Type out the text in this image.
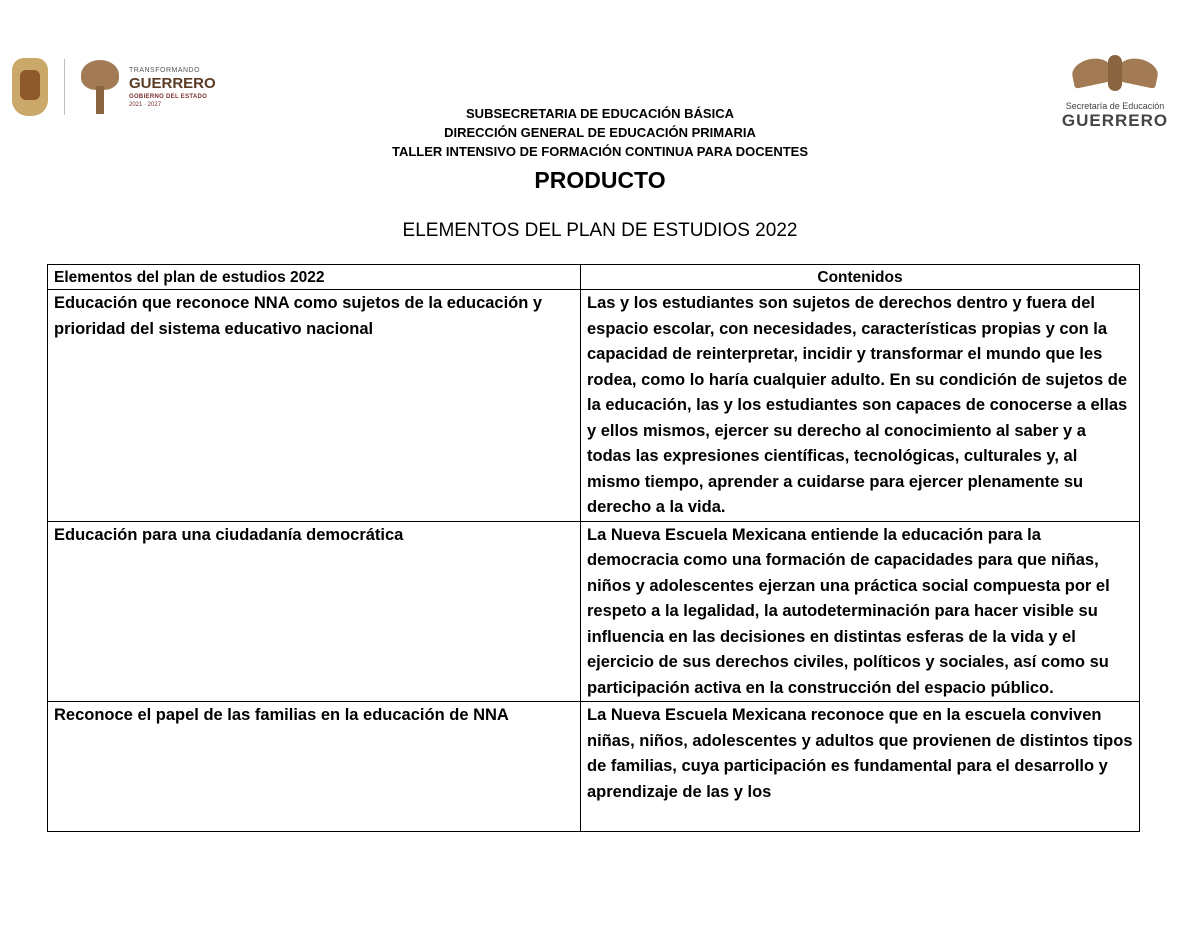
TRANSFORMANDO
GUERRERO
GOBIERNO DEL ESTADO
2021 · 2027	Secretaría de Educación
GUERRERO
SUBSECRETARIA DE EDUCACIÓN BÁSICA
DIRECCIÓN GENERAL DE EDUCACIÓN PRIMARIA
TALLER INTENSIVO DE FORMACIÓN CONTINUA PARA DOCENTES
PRODUCTO
ELEMENTOS DEL PLAN DE ESTUDIOS 2022
Elementos del plan de estudios 2022	Contenidos
Educación que reconoce NNA como sujetos de la educación y prioridad del sistema educativo nacional	Las y los estudiantes son sujetos de derechos dentro y fuera del espacio escolar, con necesidades, características propias y con la capacidad de reinterpretar, incidir y transformar el mundo que les rodea, como lo haría cualquier adulto. En su condición de sujetos de la educación, las y los estudiantes son capaces de conocerse a ellas y ellos mismos, ejercer su derecho al conocimiento al saber y a todas las expresiones científicas, tecnológicas, culturales y, al mismo tiempo, aprender a cuidarse para ejercer plenamente su derecho a la vida.
Educación para una ciudadanía democrática	La Nueva Escuela Mexicana entiende la educación para la democracia como una formación de capacidades para que niñas, niños y adolescentes ejerzan una práctica social compuesta por el respeto a la legalidad, la autodeterminación para hacer visible su influencia en las decisiones en distintas esferas de la vida y el ejercicio de sus derechos civiles, políticos y sociales, así como su participación activa en la construcción del espacio público.

Reconoce el papel de las familias en la educación de NNA	La Nueva Escuela Mexicana reconoce que en la escuela conviven niñas, niños, adolescentes y adultos que provienen de distintos tipos de familias, cuya participación es fundamental para el desarrollo y aprendizaje de las y los
